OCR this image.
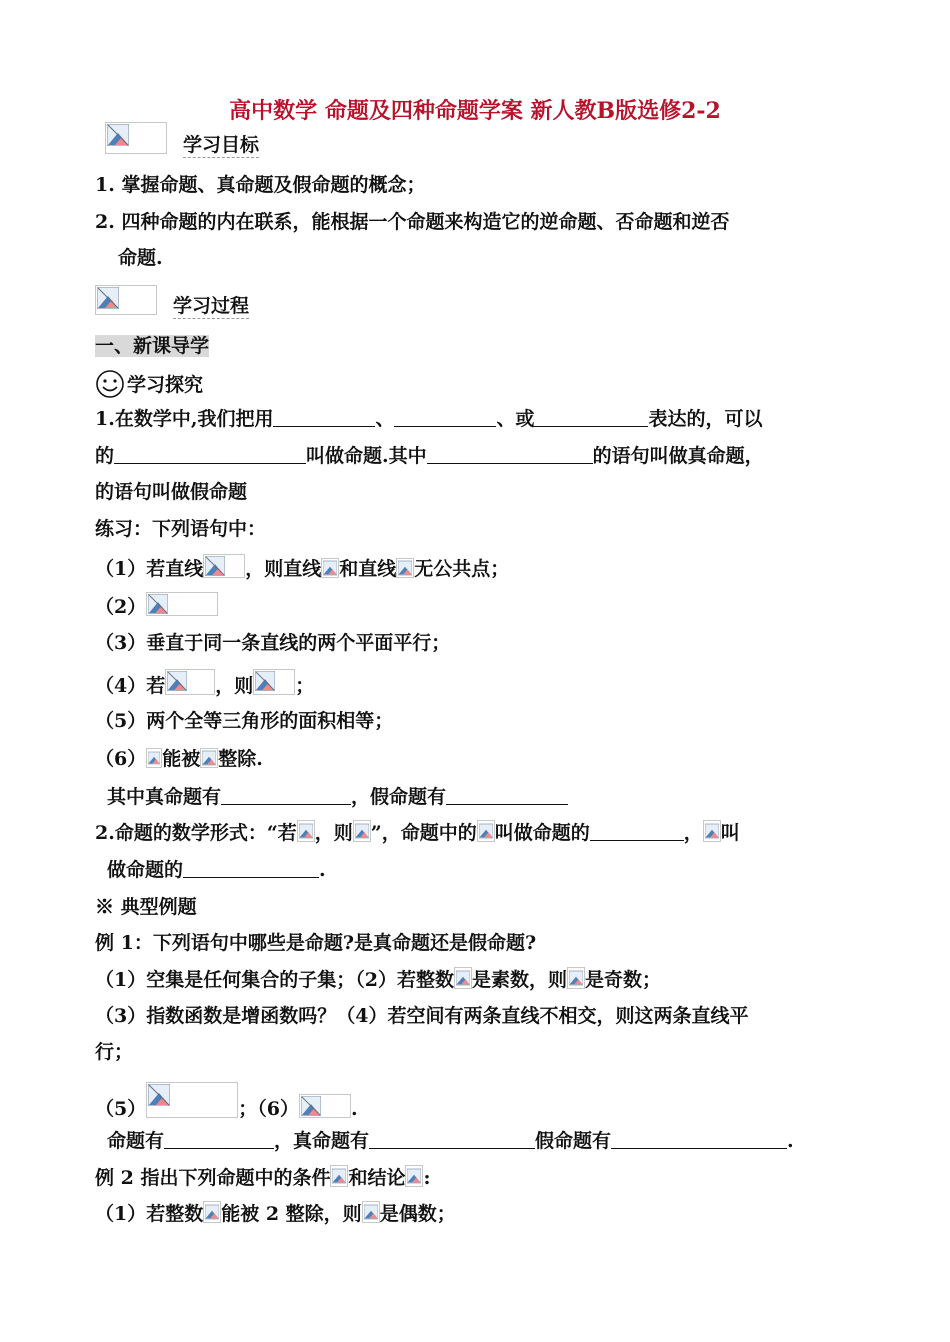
高中数学 命题及四种命题学案 新人教B版选修2-2
学习目标
1. 掌握命题、真命题及假命题的概念；
2. 四种命题的内在联系，能根据一个命题来构造它的逆命题、否命题和逆否
命题.
学习过程
一、新课导学
学习探究
1.在数学中,我们把用	、	、或	表达的，可以
的	叫做命题.其中	的语句叫做真命题，
的语句叫做假命题
练习：下列语句中：
（1）若直线 ，则直线 和直线 无公共点；
（2）
（3）垂直于同一条直线的两个平面平行；
（4）若	，则 ；
（5）两个全等三角形的面积相等；
（6） 能被 整除.
其中真命题有	，假命题有
2.命题的数学形式：“若 ，则 ”，命题中的 叫做命题的	， 叫
做命题的	.
※ 典型例题
例 1：下列语句中哪些是命题?是真命题还是假命题?
（1）空集是任何集合的子集；（2）若整数 是素数，则 是奇数；
（3）指数函数是增函数吗？（4）若空间有两条直线不相交，则这两条直线平
行；
（5）	；（6）	.
命题有	，真命题有	假命题有	.
例 2 指出下列命题中的条件 和结论 :
（1）若整数 能被 2 整除，则 是偶数；
